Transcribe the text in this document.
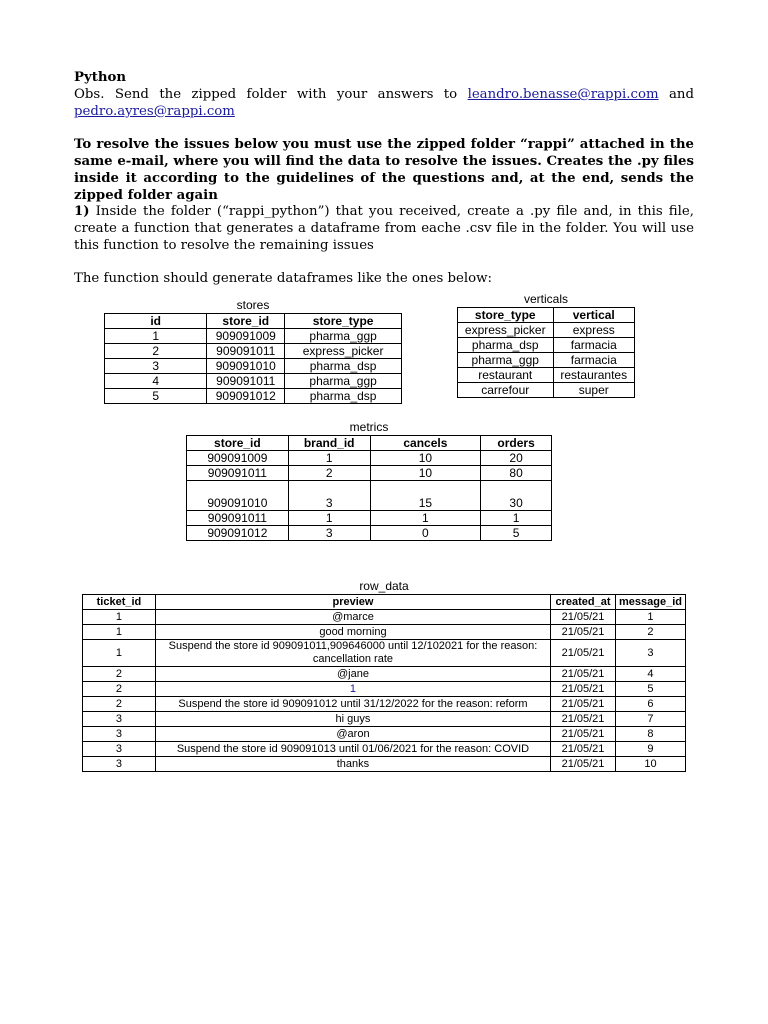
Python
Obs. Send the zipped folder with your answers to leandro.benasse@rappi.com and
pedro.ayres@rappi.com
To resolve the issues below you must use the zipped folder “rappi” attached in the same e-mail, where you will find the data to resolve the issues. Creates the .py files inside it according to the guidelines of the questions and, at the end, sends the zipped folder again
1) Inside the folder (“rappi_python”) that you received, create a .py file and, in this file, create a function that generates a dataframe from eache .csv file in the folder. You will use this function to resolve the remaining issues
The function should generate dataframes like the ones below:
stores
id	store_id	store_type
1	909091009	pharma_ggp
2	909091011	express_picker
3	909091010	pharma_dsp
4	909091011	pharma_ggp
5	909091012	pharma_dsp
verticals
store_type	vertical
express_picker	express
pharma_dsp	farmacia
pharma_ggp	farmacia
restaurant	restaurantes
carrefour	super
metrics
store_id	brand_id	cancels	orders
909091009	1	10	20
909091011	2	10	80
909091010	3	15	30
909091011	1	1	1
909091012	3	0	5
row_data
ticket_id	preview	created_at	message_id
1	@marce	21/05/21	1
1	good morning	21/05/21	2
1	Suspend the store id 909091011,909646000 until 12/102021 for the reason: cancellation rate	21/05/21	3
2	@jane	21/05/21	4
2	1	21/05/21	5
2	Suspend the store id 909091012 until 31/12/2022 for the reason: reform	21/05/21	6
3	hi guys	21/05/21	7
3	@aron	21/05/21	8
3	Suspend the store id 909091013 until 01/06/2021 for the reason: COVID	21/05/21	9
3	thanks	21/05/21	10
